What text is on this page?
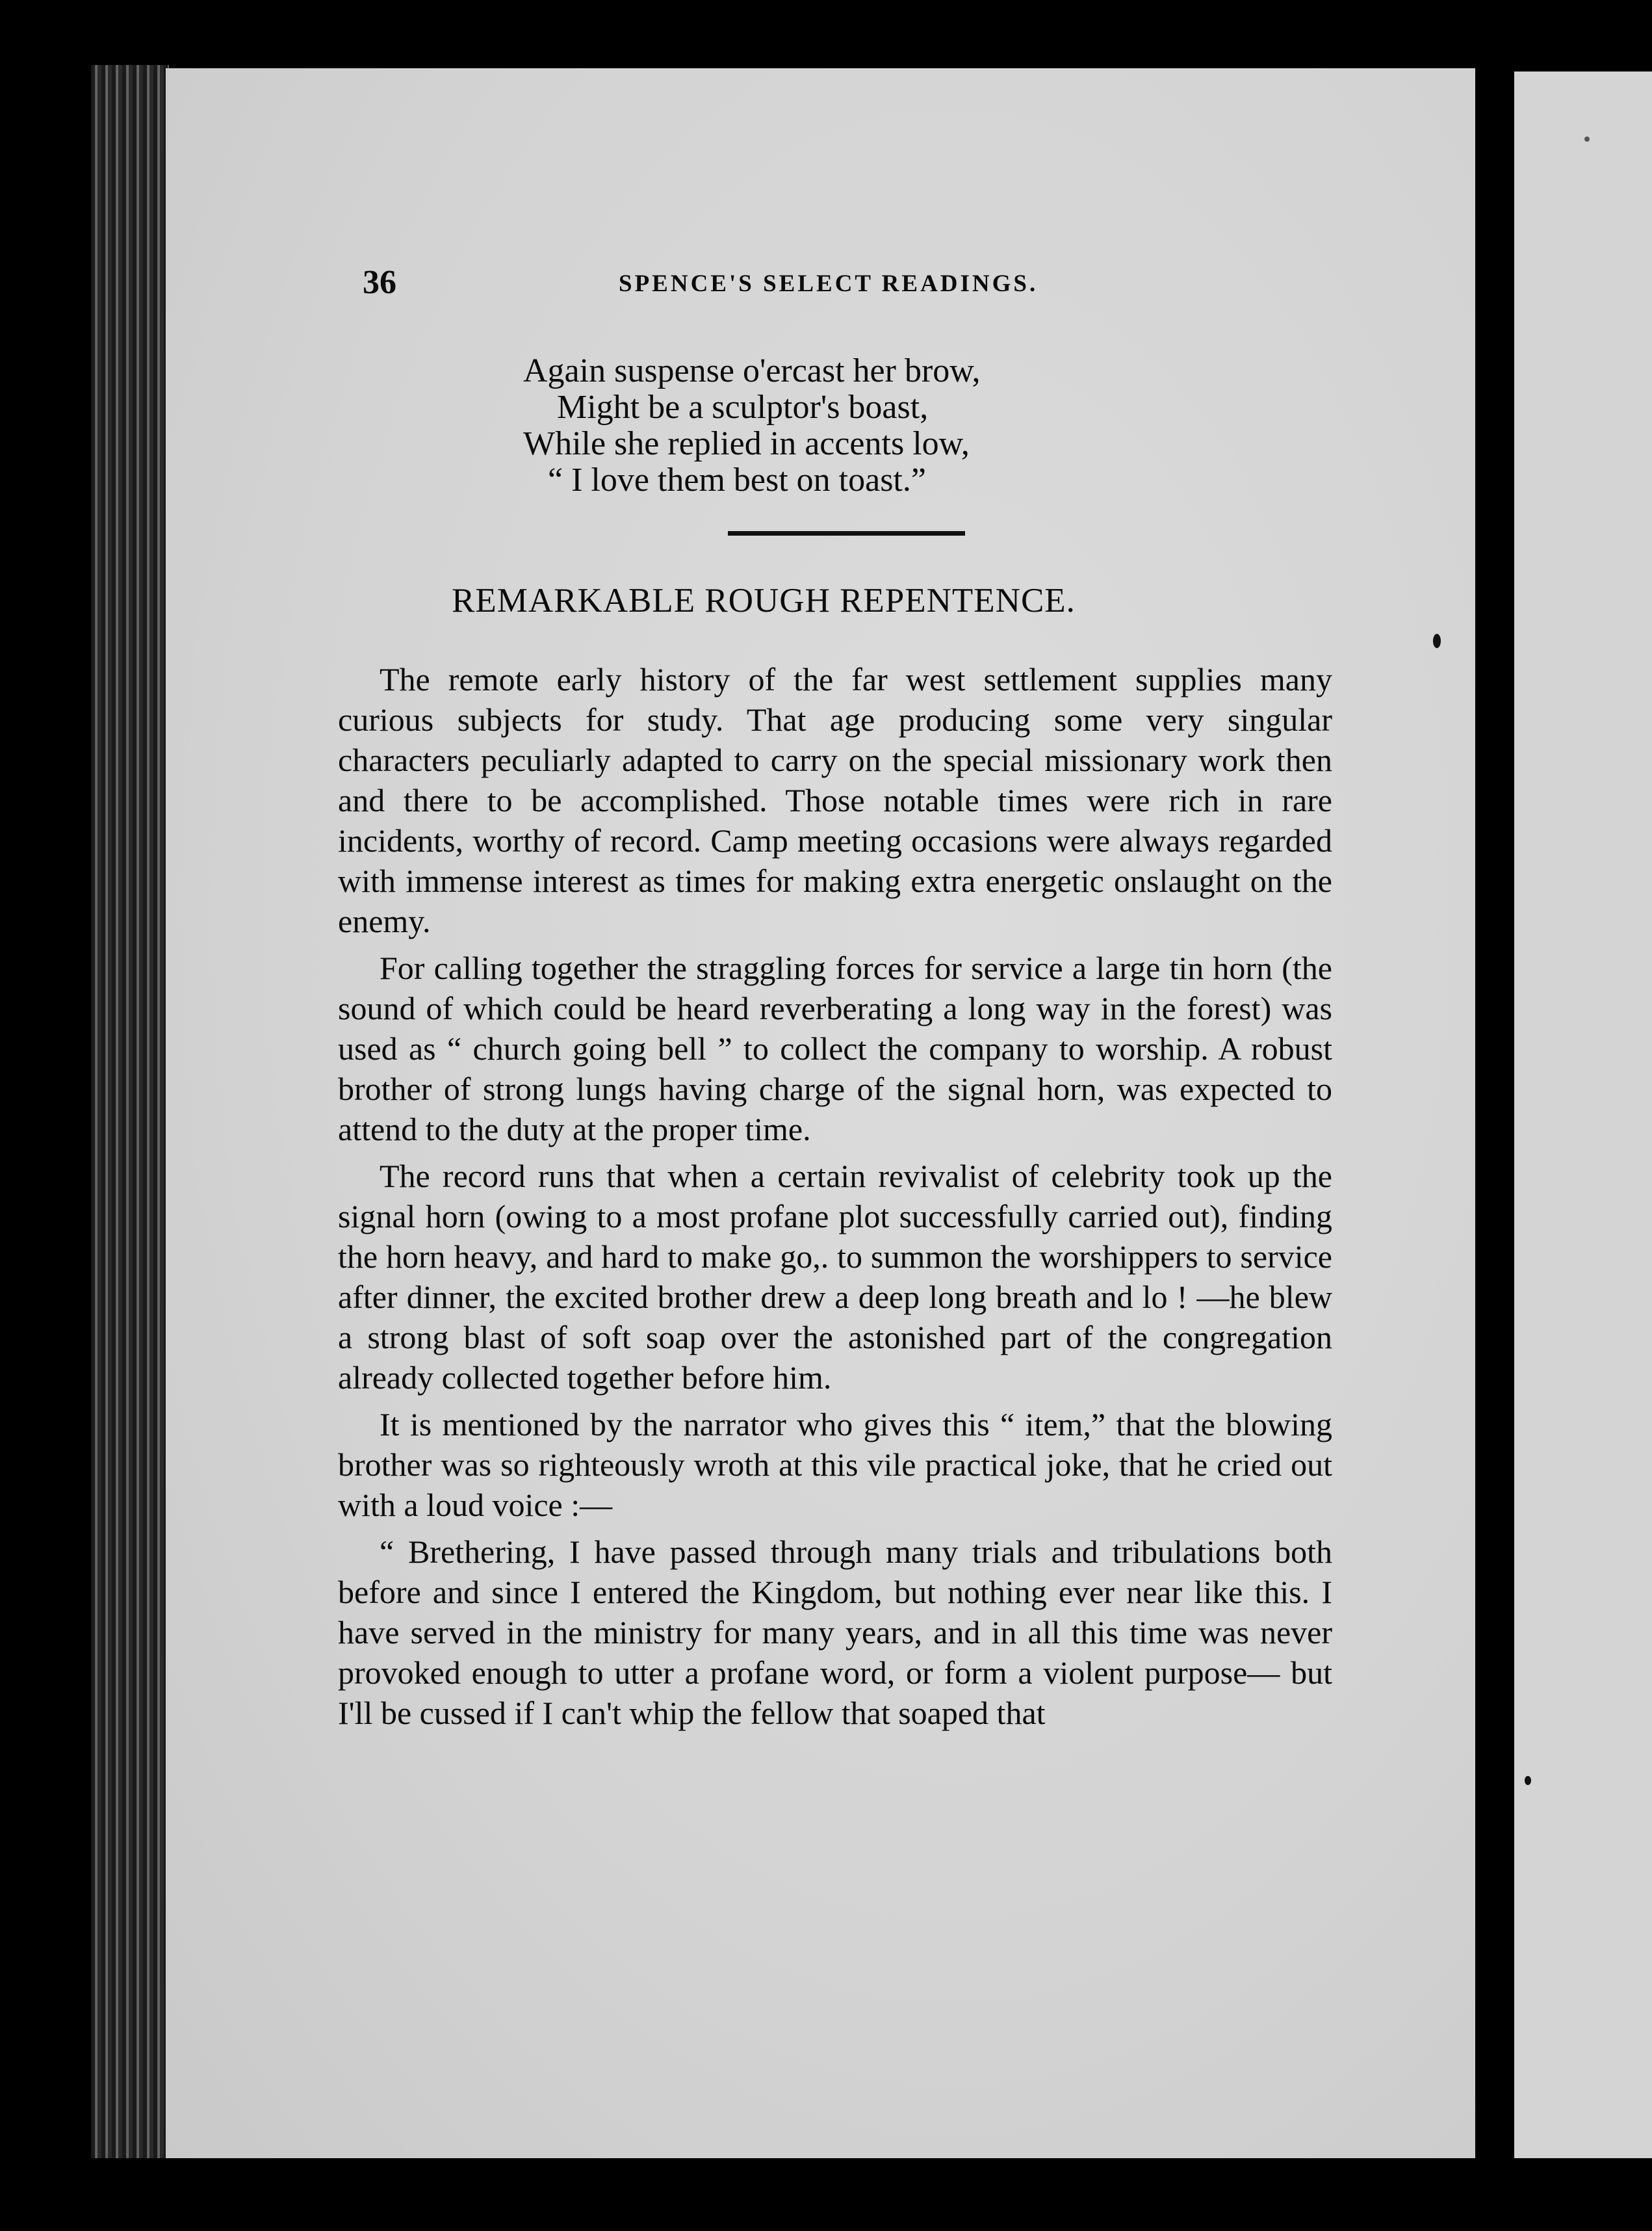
36	SPENCE'S SELECT READINGS.
Again suspense o'ercast her brow,
Might be a sculptor's boast,
While she replied in accents low,
“ I love them best on toast.”
REMARKABLE ROUGH REPENTENCE.

The remote early history of the far west settlement supplies many curious subjects for study. That age producing some very singular characters peculiarly adapted to carry on the special missionary work then and there to be accomplished. Those notable times were rich in rare incidents, worthy of record. Camp meeting occasions were always regarded with immense interest as times for making extra energetic onslaught on the enemy.

For calling together the straggling forces for service a large tin horn (the sound of which could be heard reverberating a long way in the forest) was used as “ church going bell ” to collect the company to worship. A robust brother of strong lungs having charge of the signal horn, was expected to attend to the duty at the proper time.

The record runs that when a certain revivalist of celebrity took up the signal horn (owing to a most profane plot successfully carried out), finding the horn heavy, and hard to make go,. to summon the worshippers to service after dinner, the excited brother drew a deep long breath and lo ! —he blew a strong blast of soft soap over the astonished part of the congregation already collected together before him.

It is mentioned by the narrator who gives this “ item,” that the blowing brother was so righteously wroth at this vile practical joke, that he cried out with a loud voice :—

“ Brethering, I have passed through many trials and tribulations both before and since I entered the Kingdom, but nothing ever near like this. I have served in the ministry for many years, and in all this time was never provoked enough to utter a profane word, or form a violent purpose— but I'll be cussed if I can't whip the fellow that soaped that
